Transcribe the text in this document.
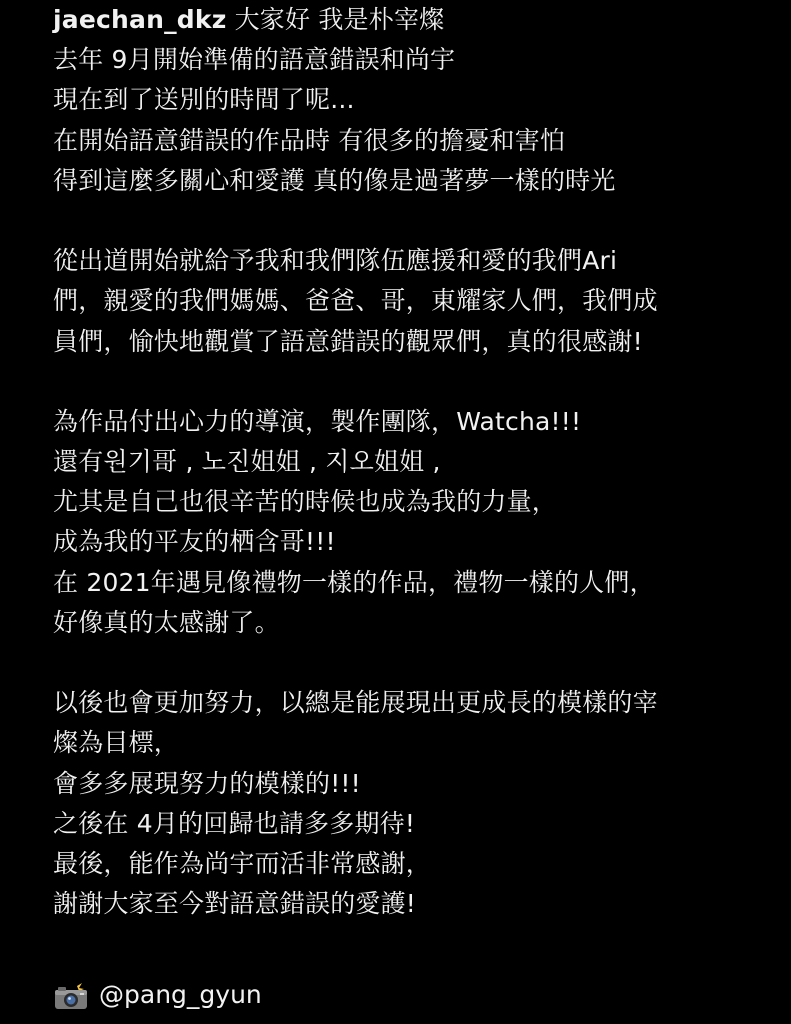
jaechan_dkz 大家好 我是朴宰燦
去年 9月開始準備的語意錯誤和尚宇
現在到了送別的時間了呢...
在開始語意錯誤的作品時 有很多的擔憂和害怕
得到這麼多關心和愛護 真的像是過著夢一樣的時光
從出道開始就給予我和我們隊伍應援和愛的我們Ari
們，親愛的我們媽媽、爸爸、哥，東耀家人們，我們成
員們，愉快地觀賞了語意錯誤的觀眾們，真的很感謝!
為作品付出心力的導演，製作團隊，Watcha!!!
還有원기哥 , 노진姐姐 , 지오姐姐 ,
尤其是自己也很辛苦的時候也成為我的力量，
成為我的平友的栖含哥!!!
在 2021年遇見像禮物一樣的作品，禮物一樣的人們，
好像真的太感謝了。
以後也會更加努力，以總是能展現出更成長的模樣的宰
燦為目標，
會多多展現努力的模樣的!!!
之後在 4月的回歸也請多多期待!
最後，能作為尚宇而活非常感謝，
謝謝大家至今對語意錯誤的愛護!
@pang_gyun
